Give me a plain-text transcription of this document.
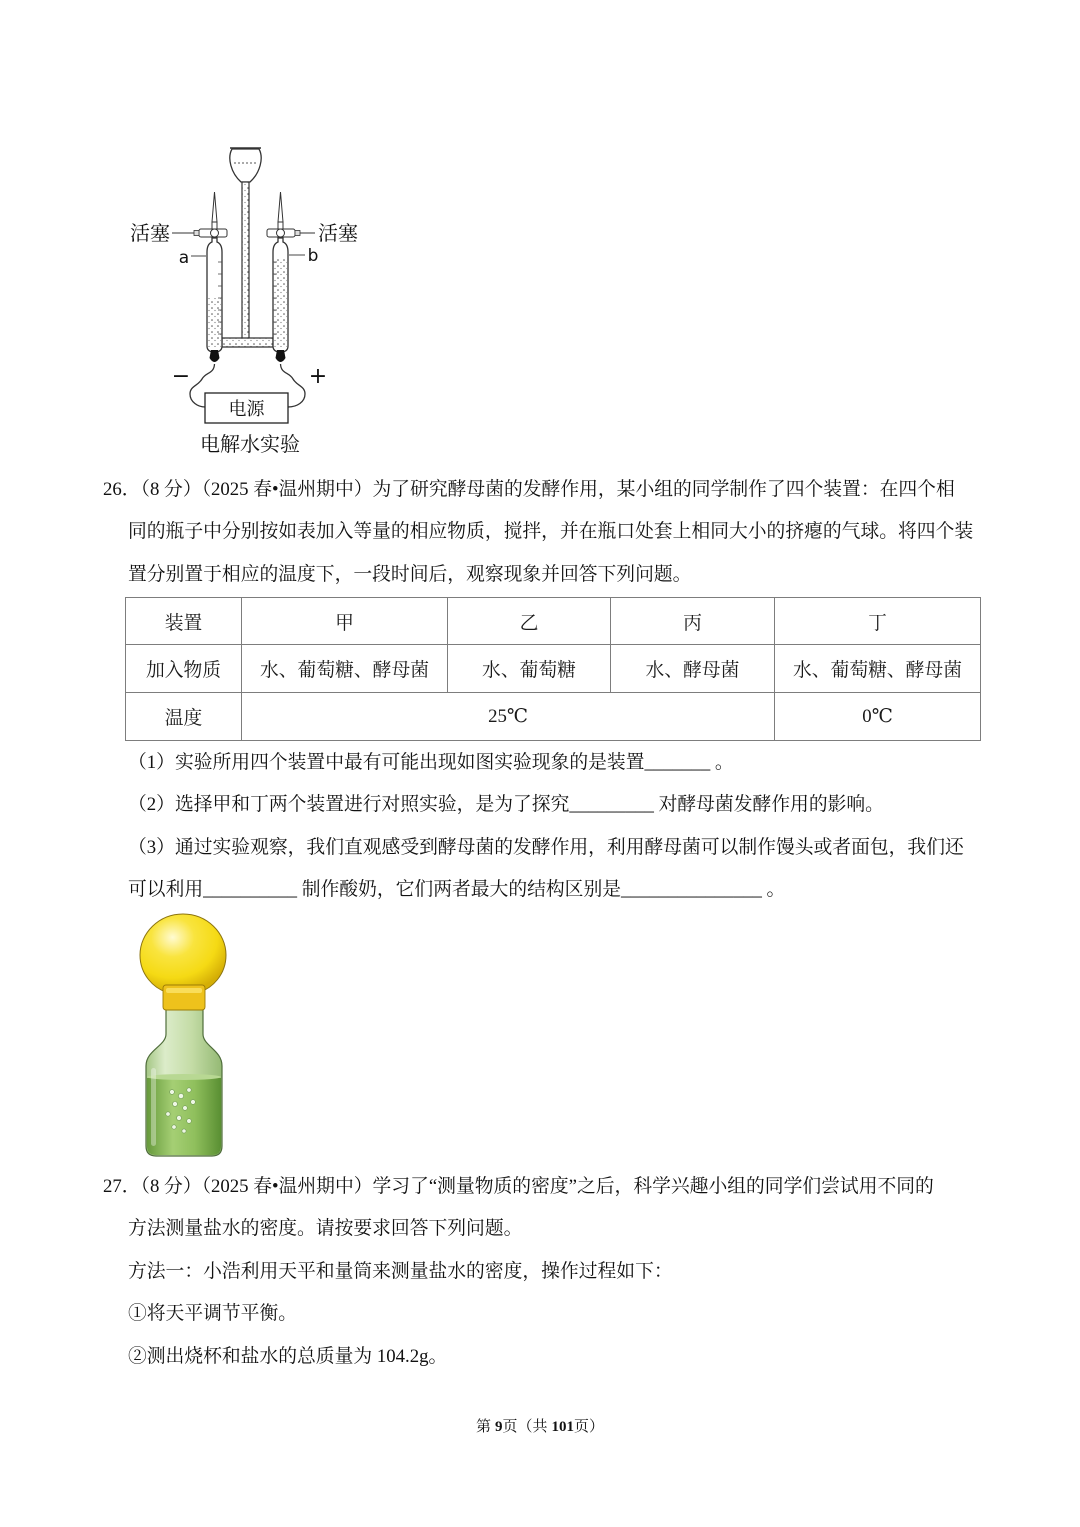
活塞
a
活塞
b
−	+
电源
电解水实验
26．（8 分）（2025 春•温州期中）为了研究酵母菌的发酵作用，某小组的同学制作了四个装置：在四个相
同的瓶子中分别按如表加入等量的相应物质，搅拌，并在瓶口处套上相同大小的挤瘪的气球。将四个装
置分别置于相应的温度下，一段时间后，观察现象并回答下列问题。
装置	甲	乙	丙	丁
加入物质	水、葡萄糖、酵母菌	水、葡萄糖	水、酵母菌	水、葡萄糖、酵母菌
温度	25℃			0℃
（1）实验所用四个装置中最有可能出现如图实验现象的是装置_______ 。
（2）选择甲和丁两个装置进行对照实验，是为了探究_________ 对酵母菌发酵作用的影响。
（3）通过实验观察，我们直观感受到酵母菌的发酵作用，利用酵母菌可以制作馒头或者面包，我们还
可以利用__________ 制作酸奶，它们两者最大的结构区别是_______________ 。
27．（8 分）（2025 春•温州期中）学习了“测量物质的密度”之后，科学兴趣小组的同学们尝试用不同的
方法测量盐水的密度。请按要求回答下列问题。
方法一：小浩利用天平和量筒来测量盐水的密度，操作过程如下：
①将天平调节平衡。
②测出烧杯和盐水的总质量为 104.2g。
第 9页（共 101页）
